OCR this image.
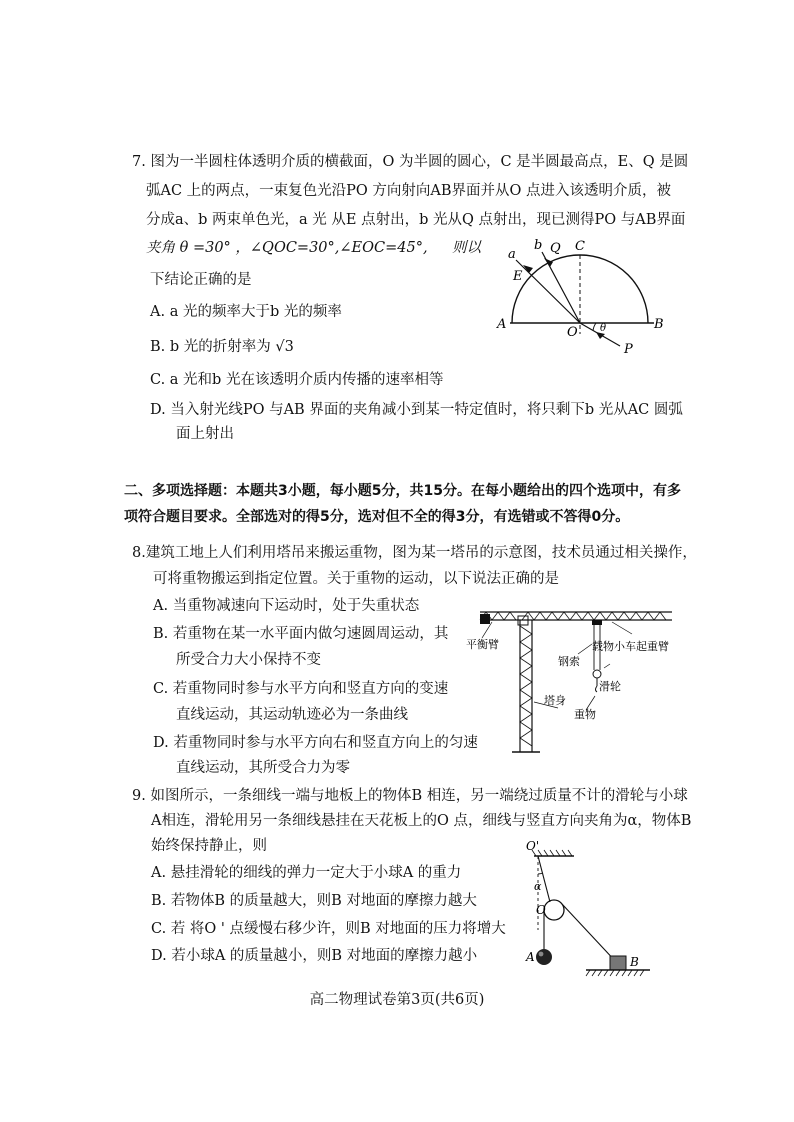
7. 图为一半圆柱体透明介质的横截面，O 为半圆的圆心，C 是半圆最高点，E、Q 是圆
弧AC 上的两点，一束复色光沿PO 方向射向AB界面并从O 点进入该透明介质，被
分成a、b 两束单色光，a 光 从E 点射出，b 光从Q 点射出，现已测得PO 与AB界面
夹角 θ =30° ，∠QOC=30°,∠EOC=45°, 则以
下结论正确的是
A. a 光的频率大于b 光的频率
B. b 光的折射率为 √3
C. a 光和b 光在该透明介质内传播的速率相等
D. 当入射光线PO 与AB 界面的夹角减小到某一特定值时，将只剩下b 光从AC 圆弧
面上射出
a
b Q C
E
A
O
B
P
θ
二、多项选择题：本题共3小题，每小题5分，共15分。在每小题给出的四个选项中，有多
项符合题目要求。全部选对的得5分，选对但不全的得3分，有选错或不答得0分。
8.建筑工地上人们利用塔吊来搬运重物，图为某一塔吊的示意图，技术员通过相关操作，
可将重物搬运到指定位置。关于重物的运动，以下说法正确的是
A. 当重物减速向下运动时，处于失重状态
B. 若重物在某一水平面内做匀速圆周运动，其
所受合力大小保持不变
C. 若重物同时参与水平方向和竖直方向的变速
直线运动，其运动轨迹必为一条曲线
D. 若重物同时参与水平方向右和竖直方向上的匀速
直线运动，其所受合力为零
平衡臂	载物小车起重臂
钢索
滑轮
塔身
重物
9. 如图所示，一条细线一端与地板上的物体B 相连，另一端绕过质量不计的滑轮与小球
A相连，滑轮用另一条细线悬挂在天花板上的O 点，细线与竖直方向夹角为α，物体B
始终保持静止，则
A. 悬挂滑轮的细线的弹力一定大于小球A 的重力
B. 若物体B 的质量越大，则B 对地面的摩擦力越大
C. 若 将O ' 点缓慢右移少许，则B 对地面的压力将增大
D. 若小球A 的质量越小，则B 对地面的摩擦力越小
O'
α
O
A	B
高二物理试卷第3页(共6页)
